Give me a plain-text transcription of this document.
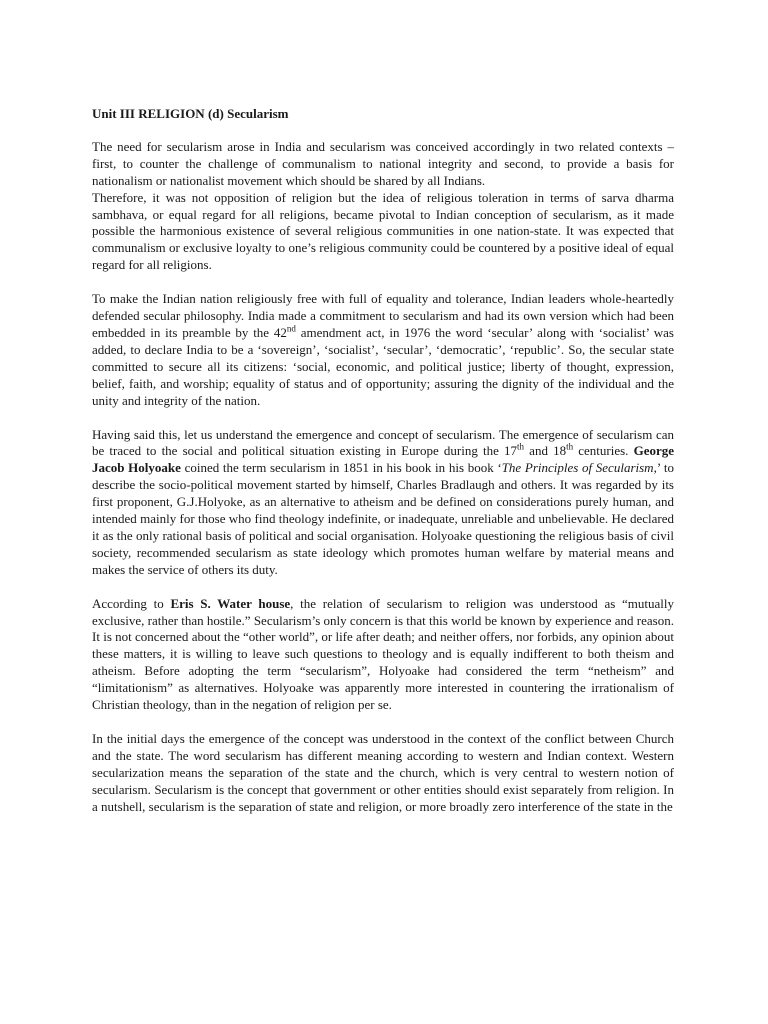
Unit III RELIGION (d) Secularism

The need for secularism arose in India and secularism was conceived accordingly in two related contexts – first, to counter the challenge of communalism to national integrity and second, to provide a basis for nationalism or nationalist movement which should be shared by all Indians.

Therefore, it was not opposition of religion but the idea of religious toleration in terms of sarva dharma sambhava, or equal regard for all religions, became pivotal to Indian conception of secularism, as it made possible the harmonious existence of several religious communities in one nation-state. It was expected that communalism or exclusive loyalty to one’s religious community could be countered by a positive ideal of equal regard for all religions.

To make the Indian nation religiously free with full of equality and tolerance, Indian leaders whole-heartedly defended secular philosophy. India made a commitment to secularism and had its own version which had been embedded in its preamble by the 42nd amendment act, in 1976 the word ‘secular’ along with ‘socialist’ was added, to declare India to be a ‘sovereign’, ‘socialist’, ‘secular’, ‘democratic’, ‘republic’. So, the secular state committed to secure all its citizens: ‘social, economic, and political justice; liberty of thought, expression, belief, faith, and worship; equality of status and of opportunity; assuring the dignity of the individual and the unity and integrity of the nation.

Having said this, let us understand the emergence and concept of secularism. The emergence of secularism can be traced to the social and political situation existing in Europe during the 17th and 18th centuries. George Jacob Holyoake coined the term secularism in 1851 in his book in his book ‘The Principles of Secularism,’ to describe the socio-political movement started by himself, Charles Bradlaugh and others. It was regarded by its first proponent, G.J.Holyoke, as an alternative to atheism and be defined on considerations purely human, and intended mainly for those who find theology indefinite, or inadequate, unreliable and unbelievable. He declared it as the only rational basis of political and social organisation. Holyoake questioning the religious basis of civil society, recommended secularism as state ideology which promotes human welfare by material means and makes the service of others its duty.

According to Eris S. Water house, the relation of secularism to religion was understood as “mutually exclusive, rather than hostile.” Secularism’s only concern is that this world be known by experience and reason. It is not concerned about the “other world”, or life after death; and neither offers, nor forbids, any opinion about these matters, it is willing to leave such questions to theology and is equally indifferent to both theism and atheism. Before adopting the term “secularism”, Holyoake had considered the term “netheism” and “limitationism” as alternatives. Holyoake was apparently more interested in countering the irrationalism of Christian theology, than in the negation of religion per se.

In the initial days the emergence of the concept was understood in the context of the conflict between Church and the state. The word secularism has different meaning according to western and Indian context. Western secularization means the separation of the state and the church, which is very central to western notion of secularism. Secularism is the concept that government or other entities should exist separately from religion. In a nutshell, secularism is the separation of state and religion, or more broadly zero interference of the state in the
